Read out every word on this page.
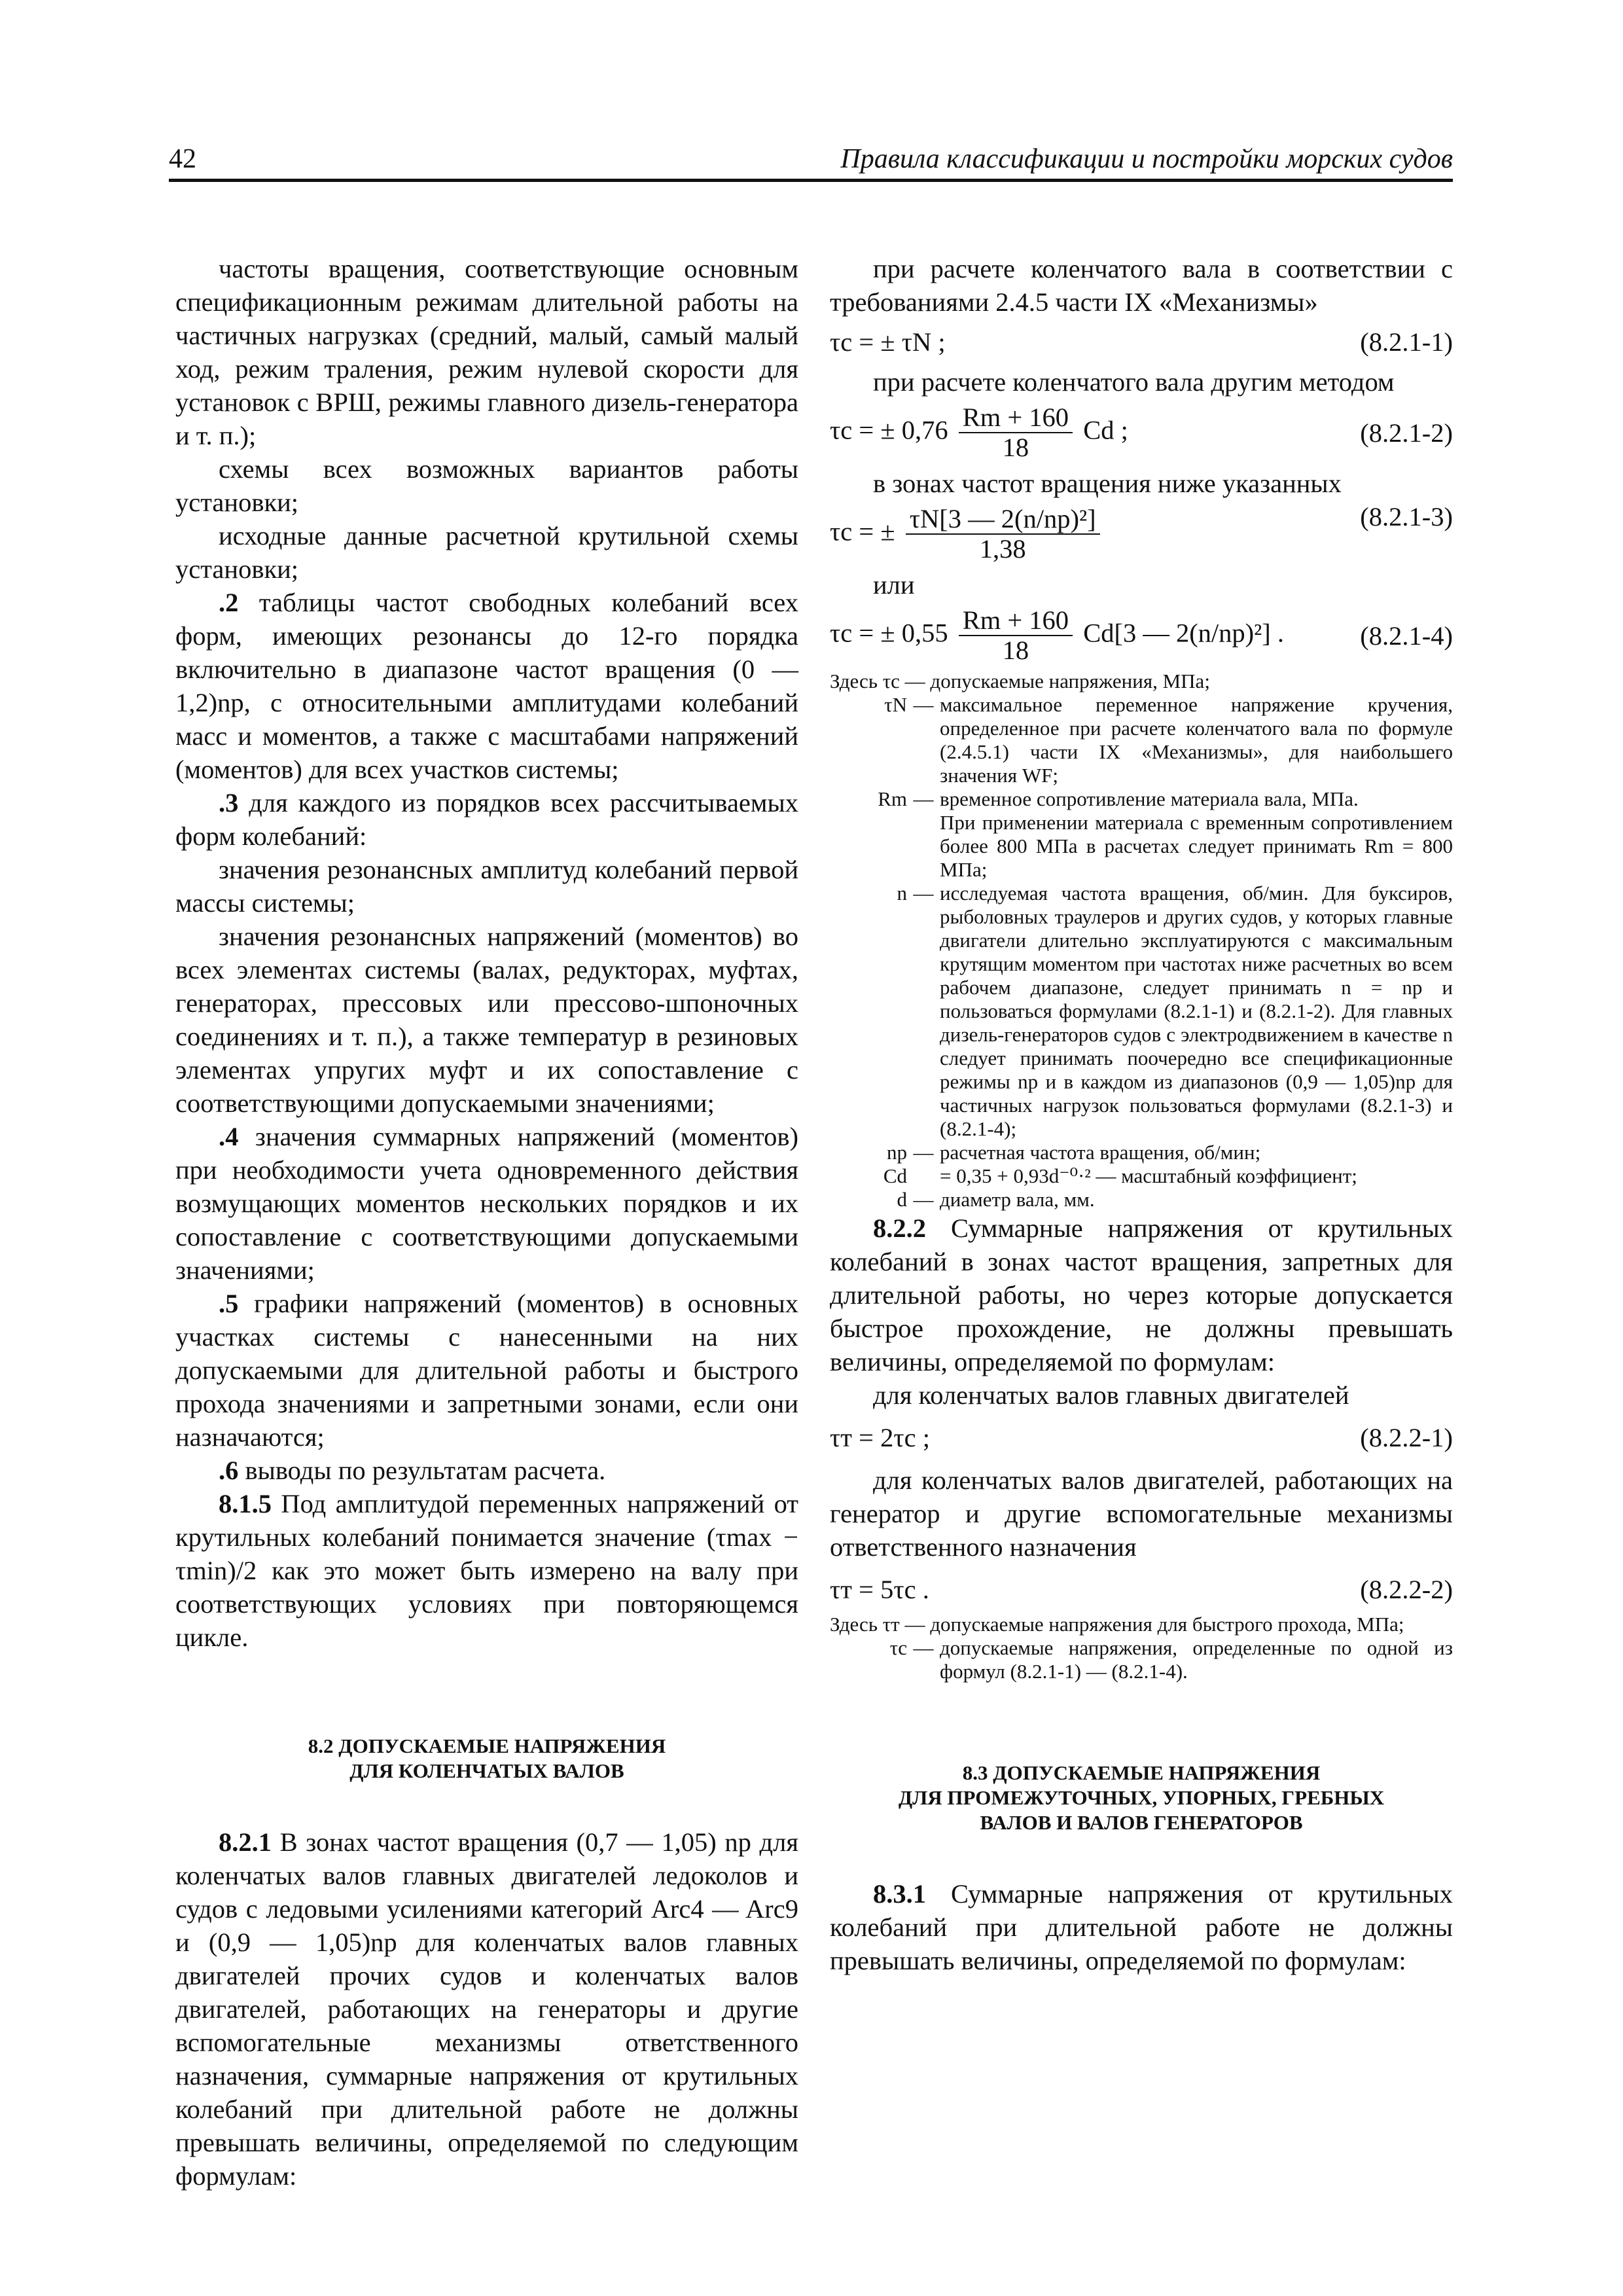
42	Правила классификации и постройки морских судов

частоты вращения, соответствующие основным спецификационным режимам длительной работы на частичных нагрузках (средний, малый, самый малый ход, режим траления, режим нулевой скорости для установок с ВРШ, режимы главного дизель-генератора и т. п.);

схемы всех возможных вариантов работы установки;

исходные данные расчетной крутильной схемы установки;

.2 таблицы частот свободных колебаний всех форм, имеющих резонансы до 12-го порядка включительно в диапазоне частот вращения (0 — 1,2)nр, с относительными амплитудами колебаний масс и моментов, а также с масштабами напряжений (моментов) для всех участков системы;

.3 для каждого из порядков всех рассчитываемых форм колебаний:

значения резонансных амплитуд колебаний первой массы системы;

значения резонансных напряжений (моментов) во всех элементах системы (валах, редукторах, муфтах, генераторах, прессовых или прессово-шпоночных соединениях и т. п.), а также температур в резиновых элементах упругих муфт и их сопоставление с соответствующими допускаемыми значениями;

.4 значения суммарных напряжений (моментов) при необходимости учета одновременного действия возмущающих моментов нескольких порядков и их сопоставление с соответствующими допускаемыми значениями;

.5 графики напряжений (моментов) в основных участках системы с нанесенными на них допускаемыми для длительной работы и быстрого прохода значениями и запретными зонами, если они назначаются;

.6 выводы по результатам расчета.

8.1.5 Под амплитудой переменных напряжений от крутильных колебаний понимается значение (τmax − τmin)/2 как это может быть измерено на валу при соответствующих условиях при повторяющемся цикле.

8.2 ДОПУСКАЕМЫЕ НАПРЯЖЕНИЯ
ДЛЯ КОЛЕНЧАТЫХ ВАЛОВ

8.2.1 В зонах частот вращения (0,7 — 1,05) nр для коленчатых валов главных двигателей ледоколов и судов с ледовыми усилениями категорий Arc4 — Arc9 и (0,9 — 1,05)nр для коленчатых валов главных двигателей прочих судов и коленчатых валов двигателей, работающих на генераторы и другие вспомогательные механизмы ответственного назначения, суммарные напряжения от крутильных колебаний при длительной работе не должны превышать величины, определяемой по следующим формулам:

при расчете коленчатого вала в соответствии с требованиями 2.4.5 части IX «Механизмы»

τс = ± τN ;	(8.2.1-1)

при расчете коленчатого вала другим методом

τс = ± $0,76 \frac{Rm + 160}{18}$ Cd ;	(8.2.1-2)

в зонах частот вращения ниже указанных

τс = ± $\frac{\text{τN[3 — 2(n/nр)²]}}{1,38}$	(8.2.1-3)

или

τс = ± $0,55 \frac{Rm + 160}{18} Cd[3$ — 2(n/nр)²] .	(8.2.1-4)

Здесь τс — допускаемые напряжения, МПа;

τN — максимальное переменное напряжение кручения, определенное при расчете коленчатого вала по формуле (2.4.5.1) части IX «Механизмы», для наибольшего значения WF;
Rm — временное сопротивление материала вала, МПа.

При применении материала с временным сопротивлением более 800 МПа в расчетах следует принимать Rm = 800 МПа;

n — исследуемая частота вращения, об/мин. Для буксиров, рыболовных траулеров и других судов, у которых главные двигатели длительно эксплуатируются с максимальным крутящим моментом при частотах ниже расчетных во всем рабочем диапазоне, следует принимать n = nр и пользоваться формулами (8.2.1-1) и (8.2.1-2). Для главных дизель-генераторов судов с электродвижением в качестве n следует принимать поочередно все спецификационные режимы nр и в каждом из диапазонов (0,9 — 1,05)nр для частичных нагрузок пользоваться формулами (8.2.1-3) и (8.2.1-4);
nр — расчетная частота вращения, об/мин;
Cd = 0,35 + 0,93d⁻⁰·² — масштабный коэффициент;
d — диаметр вала, мм.

8.2.2 Суммарные напряжения от крутильных колебаний в зонах частот вращения, запретных для длительной работы, но через которые допускается быстрое прохождение, не должны превышать величины, определяемой по формулам:

для коленчатых валов главных двигателей

τт = 2τс ;	(8.2.2-1)

для коленчатых валов двигателей, работающих на генератор и другие вспомогательные механизмы ответственного назначения

τт = 5τс .	(8.2.2-2)

Здесь τт — допускаемые напряжения для быстрого прохода, МПа;

τс — допускаемые напряжения, определенные по одной из формул (8.2.1-1) — (8.2.1-4).

8.3 ДОПУСКАЕМЫЕ НАПРЯЖЕНИЯ
ДЛЯ ПРОМЕЖУТОЧНЫХ, УПОРНЫХ, ГРЕБНЫХ
ВАЛОВ И ВАЛОВ ГЕНЕРАТОРОВ

8.3.1 Суммарные напряжения от крутильных колебаний при длительной работе не должны превышать величины, определяемой по формулам:
